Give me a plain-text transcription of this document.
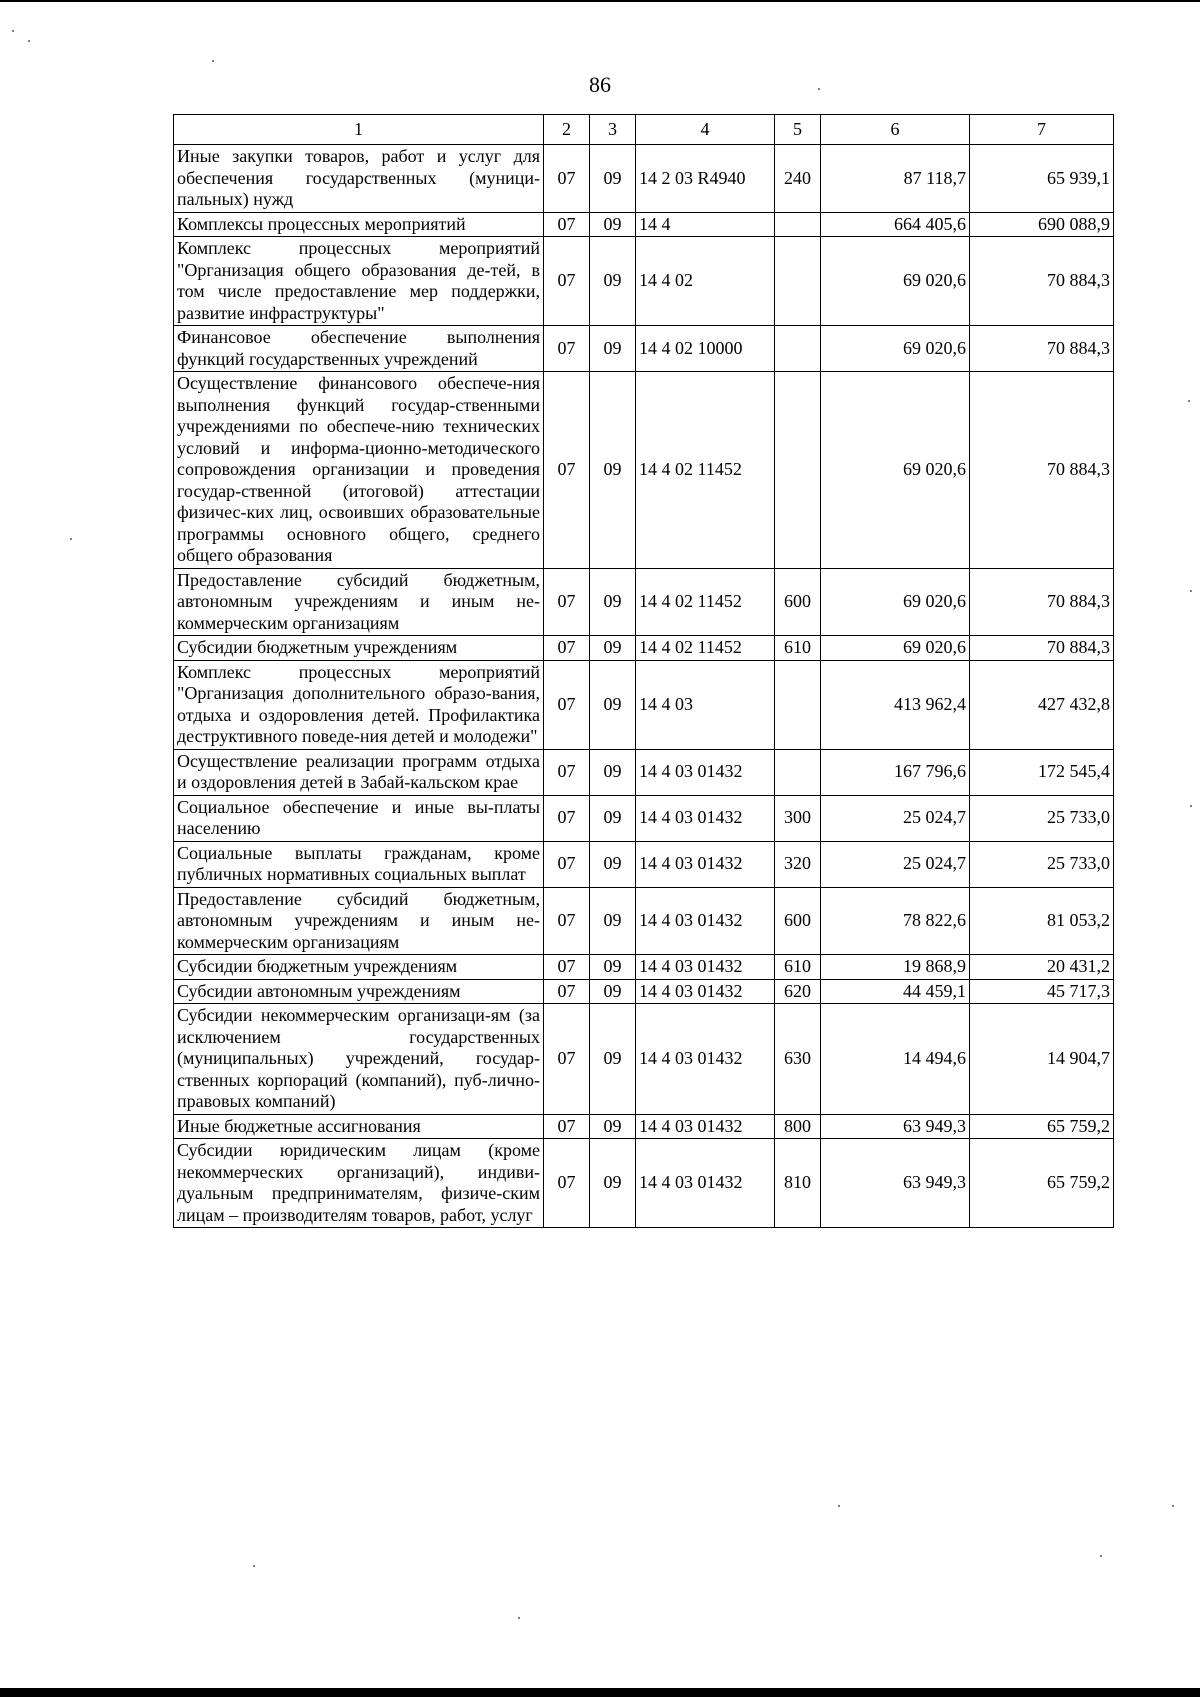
86
1	2	3	4	5	6	7
Иные закупки товаров, работ и услуг для обеспечения государственных (муници-пальных) нужд	07	09	14 2 03 R4940	240	87 118,7	65 939,1
Комплексы процессных мероприятий	07	09	14 4		664 405,6	690 088,9
Комплекс процессных мероприятий "Организация общего образования де-тей, в том числе предоставление мер поддержки, развитие инфраструктуры"	07	09	14 4 02		69 020,6	70 884,3
Финансовое обеспечение выполнения функций государственных учреждений	07	09	14 4 02 10000		69 020,6	70 884,3
Осуществление финансового обеспече-ния выполнения функций государ-ственными учреждениями по обеспече-нию технических условий и информа-ционно-методического сопровождения организации и проведения государ-ственной (итоговой) аттестации физичес-ких лиц, освоивших образовательные программы основного общего, среднего общего образования	07	09	14 4 02 11452		69 020,6	70 884,3
Предоставление субсидий бюджетным, автономным учреждениям и иным не-коммерческим организациям	07	09	14 4 02 11452	600	69 020,6	70 884,3
Субсидии бюджетным учреждениям	07	09	14 4 02 11452	610	69 020,6	70 884,3
Комплекс процессных мероприятий "Организация дополнительного образо-вания, отдыха и оздоровления детей. Профилактика деструктивного поведе-ния детей и молодежи"	07	09	14 4 03		413 962,4	427 432,8
Осуществление реализации программ отдыха и оздоровления детей в Забай-кальском крае	07	09	14 4 03 01432		167 796,6	172 545,4
Социальное обеспечение и иные вы-платы населению	07	09	14 4 03 01432	300	25 024,7	25 733,0
Социальные выплаты гражданам, кроме публичных нормативных социальных выплат	07	09	14 4 03 01432	320	25 024,7	25 733,0
Предоставление субсидий бюджетным, автономным учреждениям и иным не-коммерческим организациям	07	09	14 4 03 01432	600	78 822,6	81 053,2
Субсидии бюджетным учреждениям	07	09	14 4 03 01432	610	19 868,9	20 431,2
Субсидии автономным учреждениям	07	09	14 4 03 01432	620	44 459,1	45 717,3
Субсидии некоммерческим организаци-ям (за исключением государственных (муниципальных) учреждений, государ-ственных корпораций (компаний), пуб-лично-правовых компаний)	07	09	14 4 03 01432	630	14 494,6	14 904,7
Иные бюджетные ассигнования	07	09	14 4 03 01432	800	63 949,3	65 759,2
Субсидии юридическим лицам (кроме некоммерческих организаций), индиви-дуальным предпринимателям, физиче-ским лицам – производителям товаров, работ, услуг	07	09	14 4 03 01432	810	63 949,3	65 759,2
